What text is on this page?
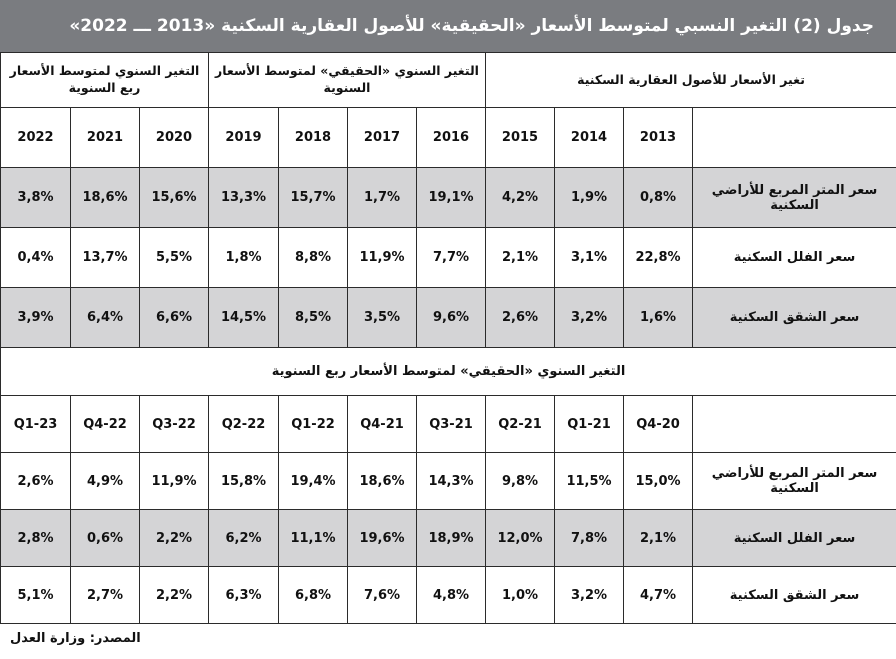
جدول (2) التغير النسبي لمتوسط الأسعار «الحقيقية» للأصول العقارية السكنية «2013 ـــ 2022»
تغير الأسعار للأصول العقارية السكنية				التغير السنوي «الحقيقي» لمتوسط الأسعار السنوية				التغير السنوي لمتوسط الأسعار ربع السنوية		
	2013	2014	2015	2016	2017	2018	2019	2020	2021	2022
سعر المتر المربع للأراضي السكنية	0,8%	1,9%	4,2%	19,1%	1,7%	15,7%	13,3%	15,6%	18,6%	3,8%
سعر الفلل السكنية	22,8%	3,1%	2,1%	7,7%	11,9%	8,8%	1,8%	5,5%	13,7%	0,4%
سعر الشقق السكنية	1,6%	3,2%	2,6%	9,6%	3,5%	8,5%	14,5%	6,6%	6,4%	3,9%
التغير السنوي «الحقيقي» لمتوسط الأسعار ربع السنوية										
	20-Q4	21-Q1	21-Q2	21-Q3	21-Q4	22-Q1	22-Q2	22-Q3	22-Q4	23-Q1
سعر المتر المربع للأراضي السكنية	15,0%	11,5%	9,8%	14,3%	18,6%	19,4%	15,8%	11,9%	4,9%	2,6%
سعر الفلل السكنية	2,1%	7,8%	12,0%	18,9%	19,6%	11,1%	6,2%	2,2%	0,6%	2,8%
سعر الشقق السكنية	4,7%	3,2%	1,0%	4,8%	7,6%	6,8%	6,3%	2,2%	2,7%	5,1%
المصدر: وزارة العدل
